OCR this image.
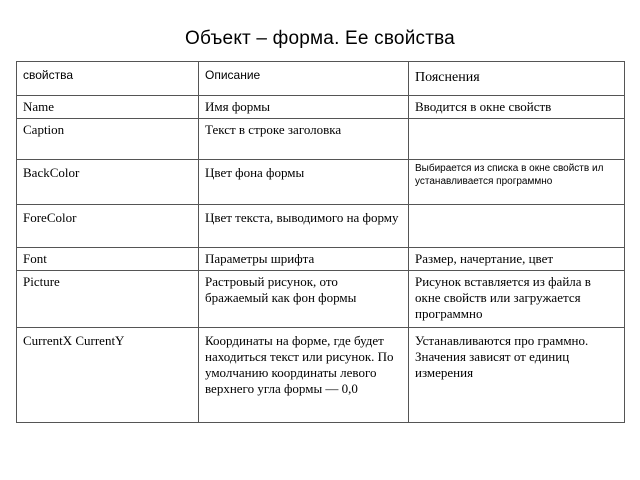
Объект – форма. Ее свойства
свойства	Описание	Пояснения
Name	Имя формы	Вводится в окне свойств
Caption	Текст в строке заголовка	
BackColor	Цвет фона формы	Выбирается из списка в окне свойств ил устанавливается программно
ForeColor	Цвет текста, выводимого на форму	
Font	Параметры шрифта	Размер, начертание, цвет
Picture	Растровый рисунок, ото бражаемый как фон формы	Рисунок вставляется из файла в окне свойств или загружается программно
CurrentX CurrentY	Координаты на форме, где будет находиться текст или рисунок. По умолчанию координаты левого верхнего угла формы — 0,0	Устанавливаются про граммно. Значения зависят от единиц измерения
